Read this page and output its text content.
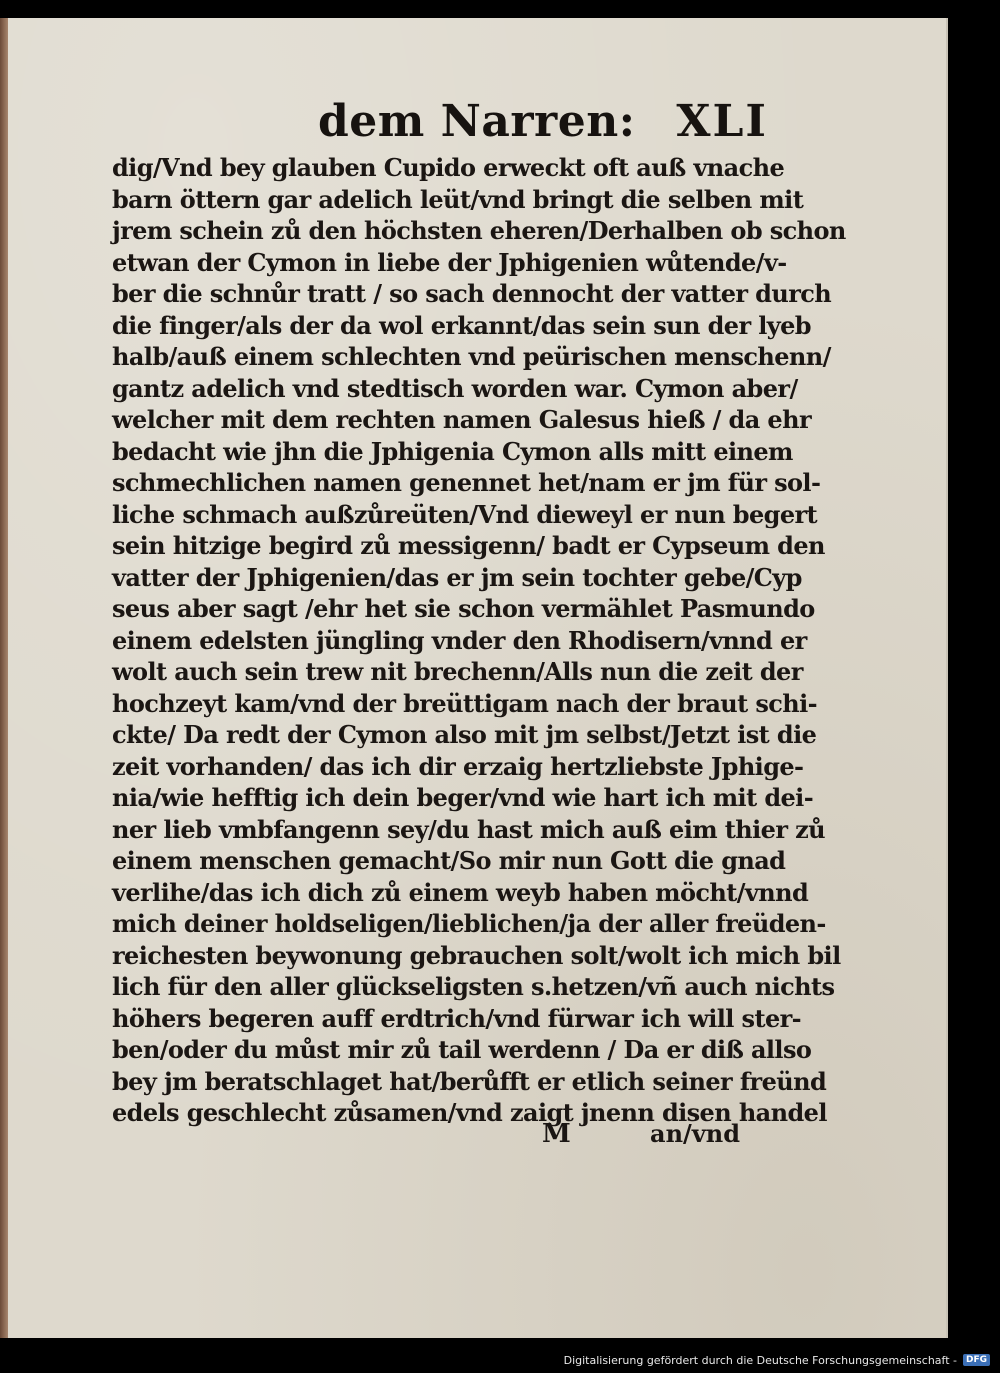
dem Narren: XLI
dig/Vnd bey glauben Cupido erweckt oft auß vnache
barn öttern gar adelich leüt/vnd bringt die selben mit
jrem schein zů den höchsten eheren/Derhalben ob schon
etwan der Cymon in liebe der Jphigenien wůtende/v-
ber die schnůr tratt / so sach dennocht der vatter durch
die finger/als der da wol erkannt/das sein sun der lyeb
halb/auß einem schlechten vnd peürischen menschenn/
gantz adelich vnd stedtisch worden war. Cymon aber/
welcher mit dem rechten namen Galesus hieß / da ehr
bedacht wie jhn die Jphigenia Cymon alls mitt einem
schmechlichen namen genennet het/nam er jm für sol-
liche schmach außzůreüten/Vnd dieweyl er nun begert
sein hitzige begird zů messigenn/ badt er Cypseum den
vatter der Jphigenien/das er jm sein tochter gebe/Cyp
seus aber sagt /ehr het sie schon vermählet Pasmundo
einem edelsten jüngling vnder den Rhodisern/vnnd er
wolt auch sein trew nit brechenn/Alls nun die zeit der
hochzeyt kam/vnd der breüttigam nach der braut schi-
ckte/ Da redt der Cymon also mit jm selbst/Jetzt ist die
zeit vorhanden/ das ich dir erzaig hertzliebste Jphige-
nia/wie hefftig ich dein beger/vnd wie hart ich mit dei-
ner lieb vmbfangenn sey/du hast mich auß eim thier zů
einem menschen gemacht/So mir nun Gott die gnad
verlihe/das ich dich zů einem weyb haben möcht/vnnd
mich deiner holdseligen/lieblichen/ja der aller freüden-
reichesten beywonung gebrauchen solt/wolt ich mich bil
lich für den aller glückseligsten s.hetzen/vñ auch nichts
höhers begeren auff erdtrich/vnd fürwar ich will ster-
ben/oder du můst mir zů tail werdenn / Da er diß allso
bey jm beratschlaget hat/berůfft er etlich seiner freünd
edels geschlecht zůsamen/vnd zaigt jnenn disen handel
M	an/vnd
Digitalisierung gefördert durch die Deutsche Forschungsgemeinschaft -	DFG
